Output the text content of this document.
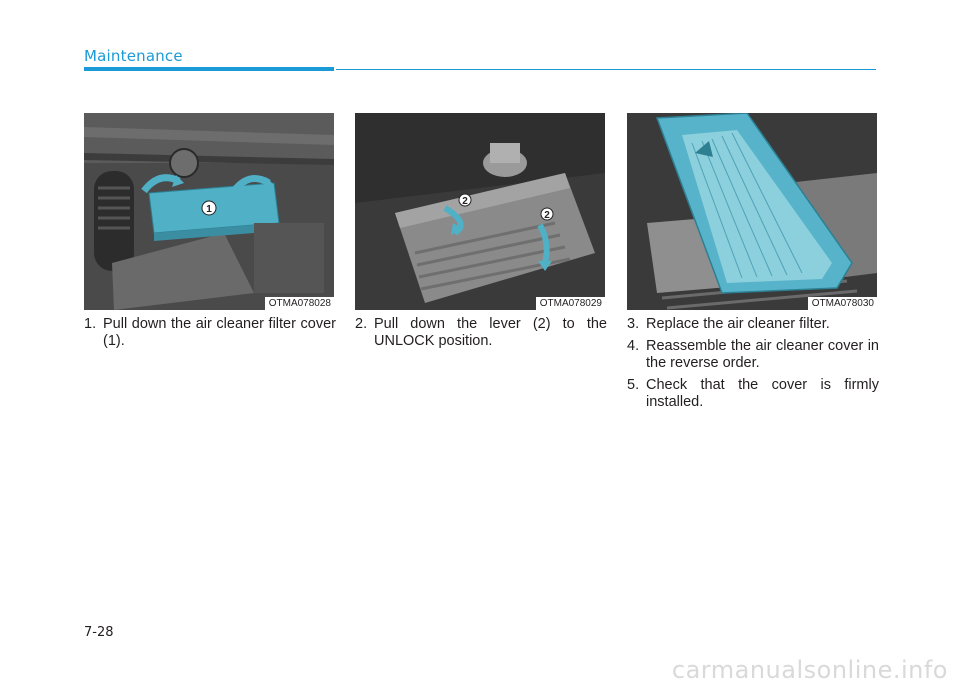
Maintenance
1
OTMA078028
2
2
OTMA078029	OTMA078030
1. Pull down the air cleaner filter cover (1).
2. Pull down the lever (2) to the UNLOCK position.
3. Replace the air cleaner filter.
4. Reassemble the air cleaner cover in the reverse order.
5. Check that the cover is firmly installed.
7-28
carmanualsonline.info
